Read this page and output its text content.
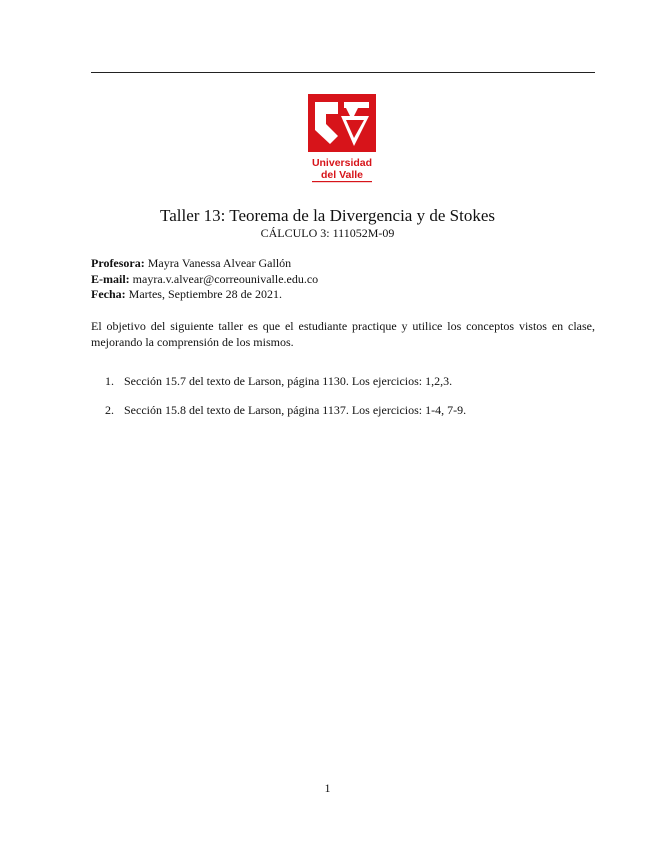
Universidad
del Valle
Taller 13: Teorema de la Divergencia y de Stokes
CÁLCULO 3: 111052M-09
Profesora: Mayra Vanessa Alvear Gallón
E-mail: mayra.v.alvear@correounivalle.edu.co
Fecha: Martes, Septiembre 28 de 2021.

El objetivo del siguiente taller es que el estudiante practique y utilice los conceptos vistos en clase, mejorando la comprensión de los mismos.

1. Sección 15.7 del texto de Larson, página 1130. Los ejercicios: 1,2,3.
2. Sección 15.8 del texto de Larson, página 1137. Los ejercicios: 1-4, 7-9.
1
